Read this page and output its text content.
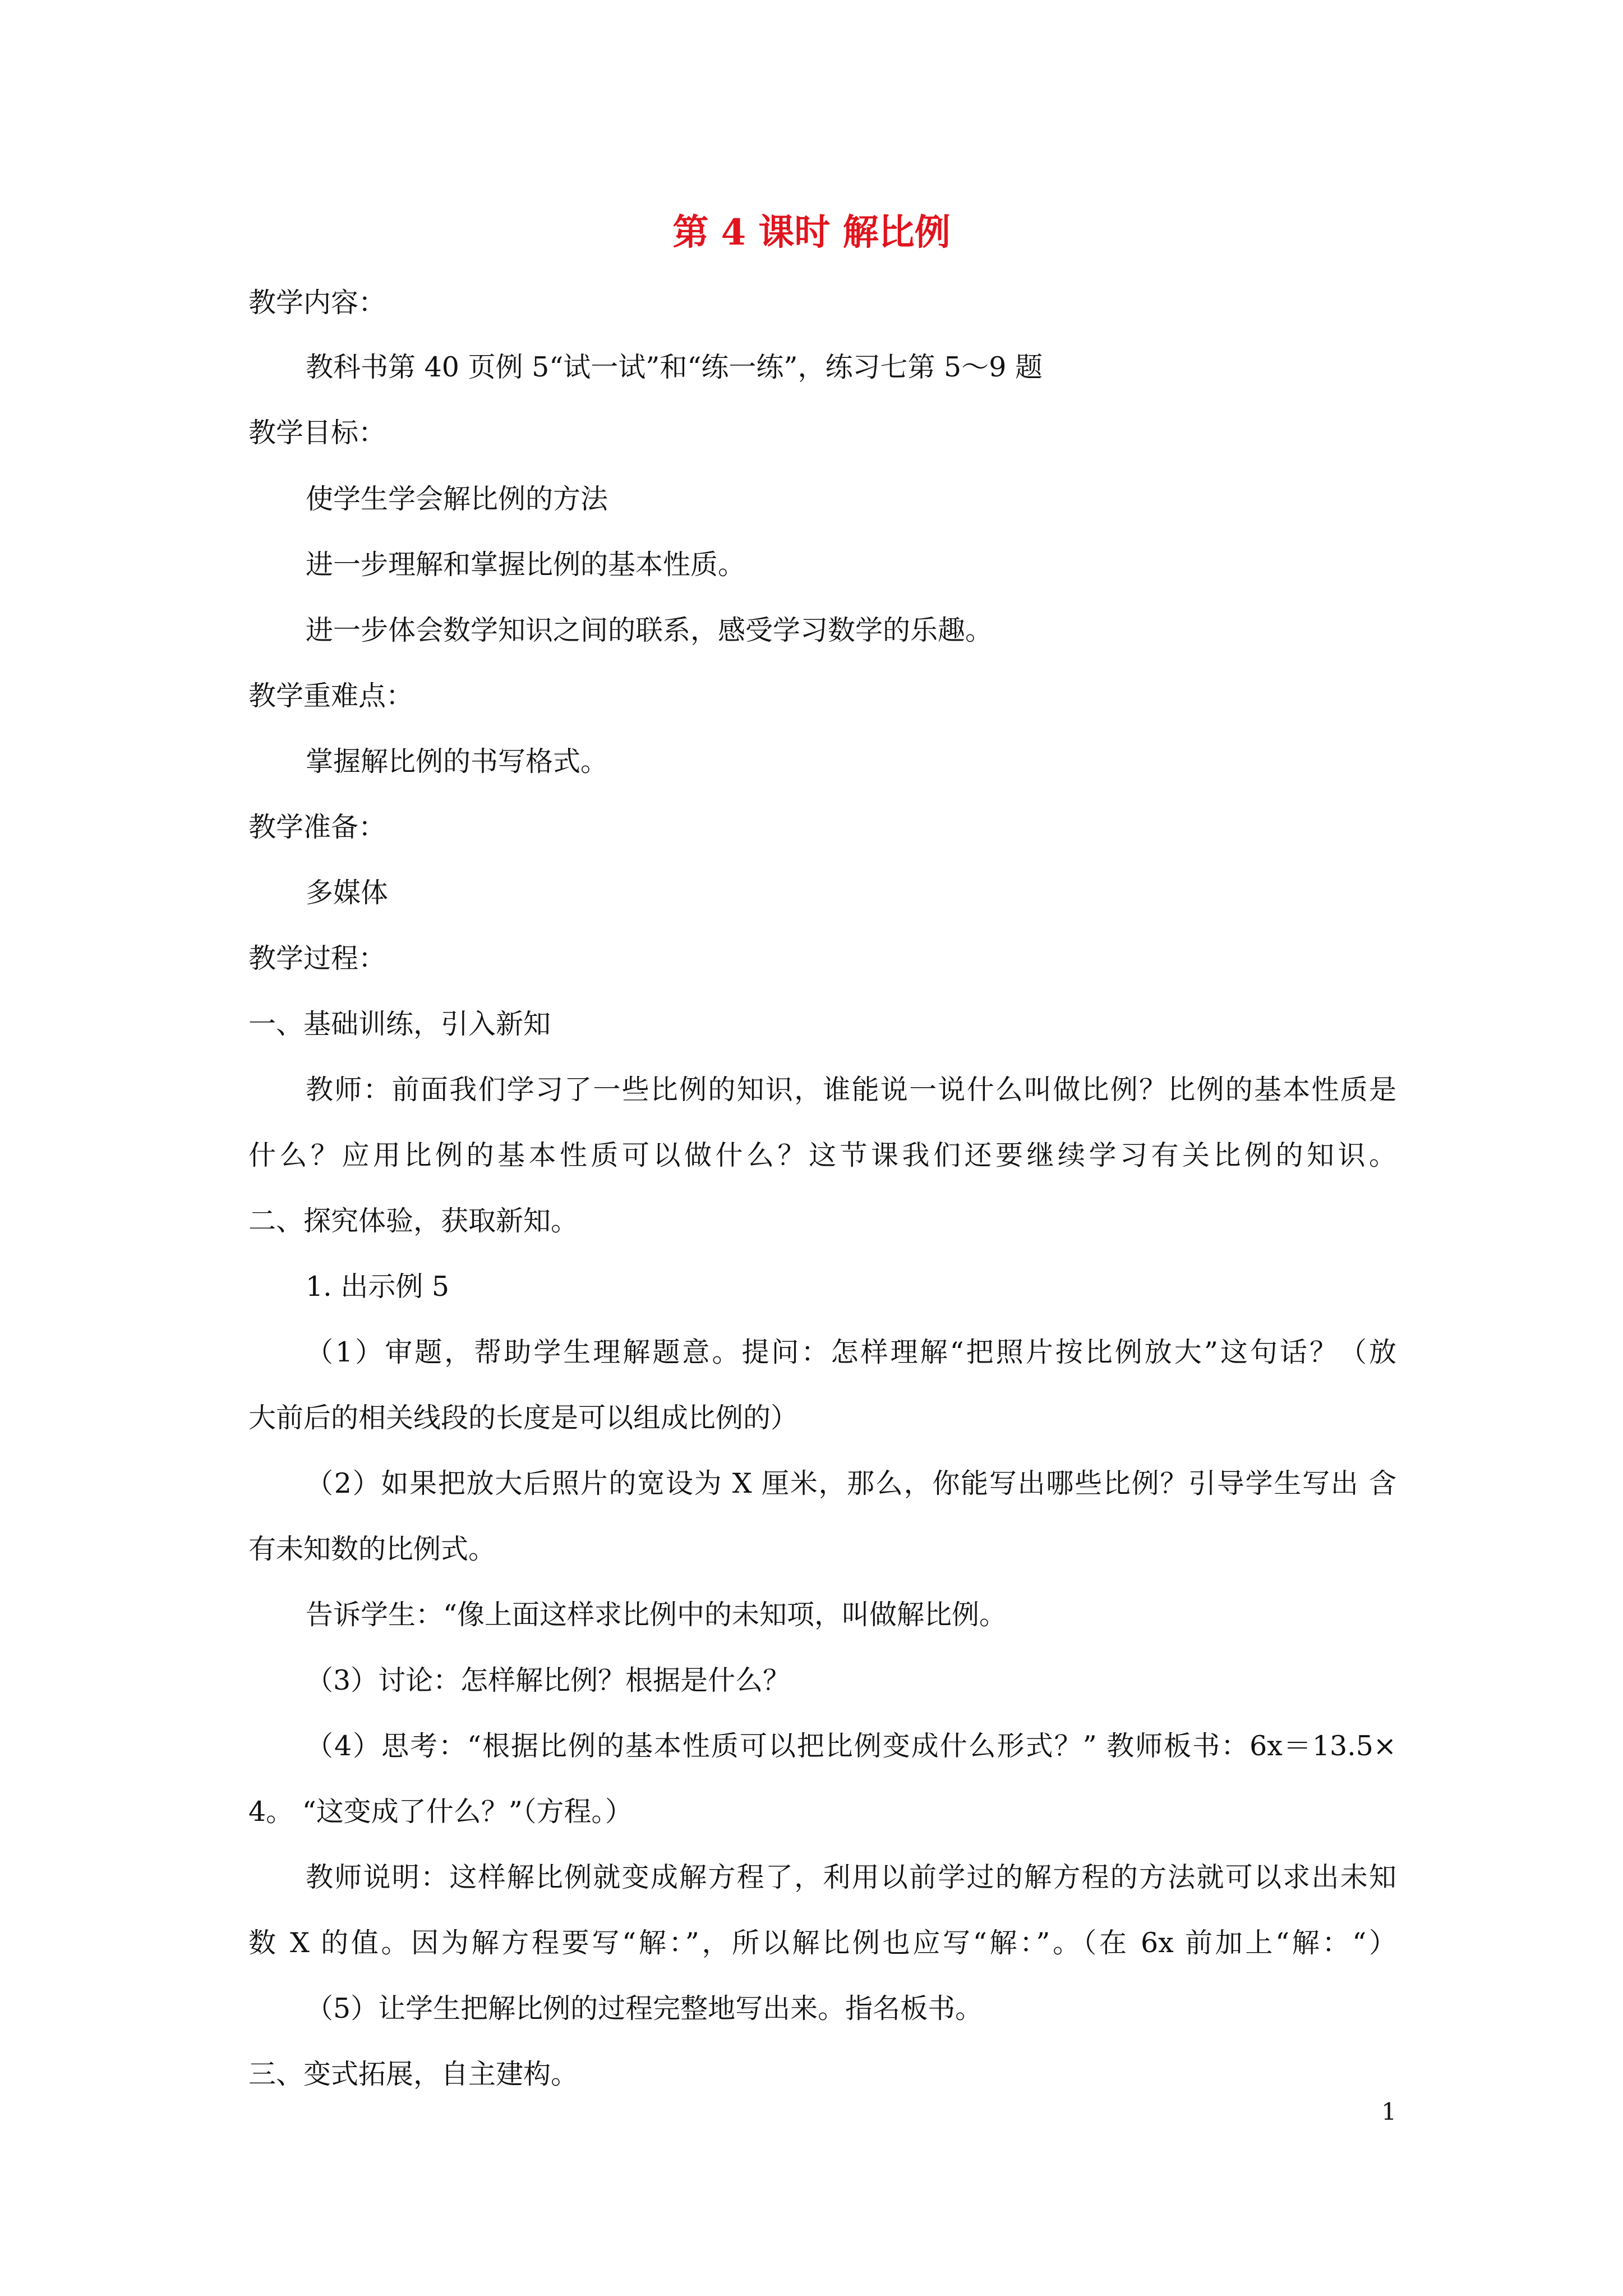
第 4 课时 解比例
教学内容：
教科书第 40 页例 5“试一试”和“练一练”，练习七第 5～9 题
教学目标：
使学生学会解比例的方法
进一步理解和掌握比例的基本性质。
进一步体会数学知识之间的联系，感受学习数学的乐趣。
教学重难点：
掌握解比例的书写格式。
教学准备：
多媒体
教学过程：
一、基础训练，引入新知
教师：前面我们学习了一些比例的知识，谁能说一说什么叫做比例？比例的基本性质是
什么？应用比例的基本性质可以做什么？这节课我们还要继续学习有关比例的知识。
二、探究体验，获取新知。
1. 出示例 5
（1）审题，帮助学生理解题意。提问：怎样理解“把照片按比例放大”这句话？（放
大前后的相关线段的长度是可以组成比例的）
（2）如果把放大后照片的宽设为 X 厘米，那么，你能写出哪些比例？引导学生写出 含
有未知数的比例式。
告诉学生：“像上面这样求比例中的未知项，叫做解比例。
（3）讨论：怎样解比例？根据是什么？
（4）思考：“根据比例的基本性质可以把比例变成什么形式？” 教师板书：6x＝13.5×
4。 “这变成了什么？”（方程。）
教师说明：这样解比例就变成解方程了，利用以前学过的解方程的方法就可以求出未知
数 X 的值。因为解方程要写“解：”，所以解比例也应写“解：”。（在 6x 前加上“解：“）
（5）让学生把解比例的过程完整地写出来。指名板书。
三、变式拓展，自主建构。
1
